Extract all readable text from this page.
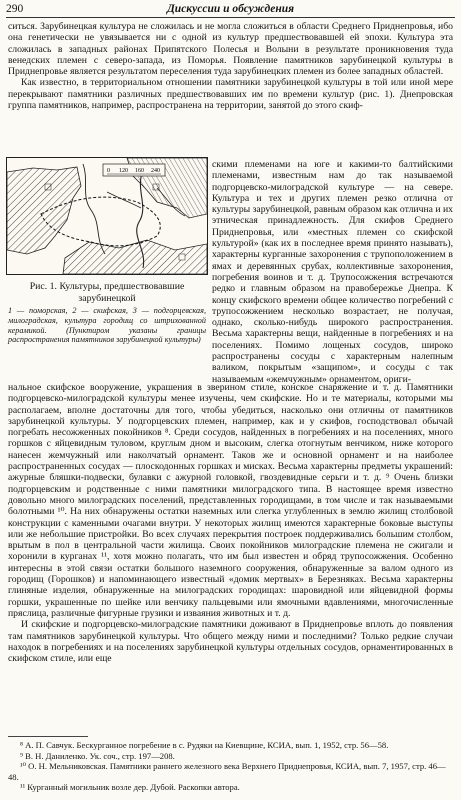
290	Дискуссии и обсуждения

ситься. Зарубинецкая культура не сложилась и не могла сложиться в области Среднего Приднепровья, ибо она генетически не увязывается ни с одной из культур предшествовавшей ей эпохи. Культура эта сложилась в западных районах Припятского Полесья и Волыни в результате проникновения туда венедских племен с северо-запада, из Поморья. Появление памятников зарубинецкой культуры в Приднепровье является результатом переселения туда зарубинецких племен из более западных областей.

Как известно, в территориальном отношении памятники зарубинецкой культуры в той или иной мере перекрывают памятники различных предшествовавших им по времени культур (рис. 1). Днепровская группа памятников, например, распространена на территории, занятой до этого скиф-

0 120 160 240
Рис. 1. Культуры, предшествовавшие зарубинецкой
1 — поморская, 2 — скифская, 3 — подгорцевская, милоградская, культура городищ со штрихованной керамикой. (Пунктиром указаны границы распространения памятников зарубинецкой культуры)
скими племенами на юге и какими-то балтийскими племенами, известным нам до так называемой подгорцевско-милоградской культуре — на севере. Культура и тех и других племен резко отлична от культуры зарубинецкой, равным образом как отлична и их этническая принадлежность. Для скифов Среднего Приднепровья, или «местных племен со скифской культурой» (как их в последнее время принято называть), характерны курганные захоронения с трупоположением в ямах и деревянных срубах, коллективные захоронения, погребения воинов и т. д. Трупосожжения встречаются редко и главным образом на правобережье Днепра. К концу скифского времени общее количество погребений с трупосожжением несколько возрастает, не получая, однако, сколько-нибудь широкого распространения. Весьма характерны вещи, найденные в погребениях и на поселениях. Помимо лощеных сосудов, широко распространены сосуды с характерным налепным валиком, покрытым «защипом», и сосуды с так называемым «жемчужным» орнаментом, ориги-

нальное скифское вооружение, украшения в зверином стиле, конское снаряжение и т. д. Памятники подгорцевско-милоградской культуры менее изучены, чем скифские. Но и те материалы, которыми мы располагаем, вполне достаточны для того, чтобы убедиться, насколько они отличны от памятников зарубинецкой культуры. У подгорцевских племен, например, как и у скифов, господствовал обычай погребать несожженных покойников ⁸. Среди сосудов, найденных в погребениях и на поселениях, много горшков с яйцевидным туловом, круглым дном и высоким, слегка отогнутым венчиком, ниже которого нанесен жемчужный или наколчатый орнамент. Таков же и основной орнамент и на наиболее распространенных сосудах — плоскодонных горшках и мисках. Весьма характерны предметы украшений: ажурные бляшки-подвески, булавки с ажурной головкой, гвоздевидные серьги и т. д. ⁹ Очень близки подгорцевским и родственные с ними памятники милоградского типа. В настоящее время известно довольно много милоградских поселений, представленных городищами, в том числе и так называемыми болотными ¹⁰. На них обнаружены остатки наземных или слегка углубленных в землю жилищ столбовой конструкции с каменными очагами внутри. У некоторых жилищ имеются характерные боковые выступы или же небольшие пристройки. Во всех случаях перекрытия построек поддерживались большим столбом, врытым в пол в центральной части жилища. Своих покойников милоградские племена не сжигали и хоронили в курганах ¹¹, хотя можно полагать, что им был известен и обряд трупосожжения. Особенно интересны в этой связи остатки большого наземного сооружения, обнаруженные за валом одного из городищ (Горошков) и напоминающего известный «домик мертвых» в Березняках. Весьма характерны глиняные изделия, обнаруженные на милоградских городищах: шаровидной или яйцевидной формы горшки, украшенные по шейке или венчику пальцевыми или ямочными вдавлениями, многочисленные пряслица, различные фигурные грузики и изваяния животных и т. д.

И скифские и подгорцевско-милоградские памятники доживают в Приднепровье вплоть до появления там памятников зарубинецкой культуры. Что общего между ними и последними? Только редкие случаи находок в погребениях и на поселениях зарубинецкой культуры отдельных сосудов, орнаментированных в скифском стиле, или еще

⁸ А. П. Савчук. Бескурганное погребение в с. Рудяки на Киевщине, КСИА, вып. 1, 1952, стр. 56—58.
⁹ В. Н. Даниленко. Ук. соч., стр. 197—208.
¹⁰ О. Н. Мельниковская. Памятники раннего железного века Верхнего Приднепровья, КСИА, вып. 7, 1957, стр. 46—48.
¹¹ Курганный могильник возле дер. Дубой. Раскопки автора.
